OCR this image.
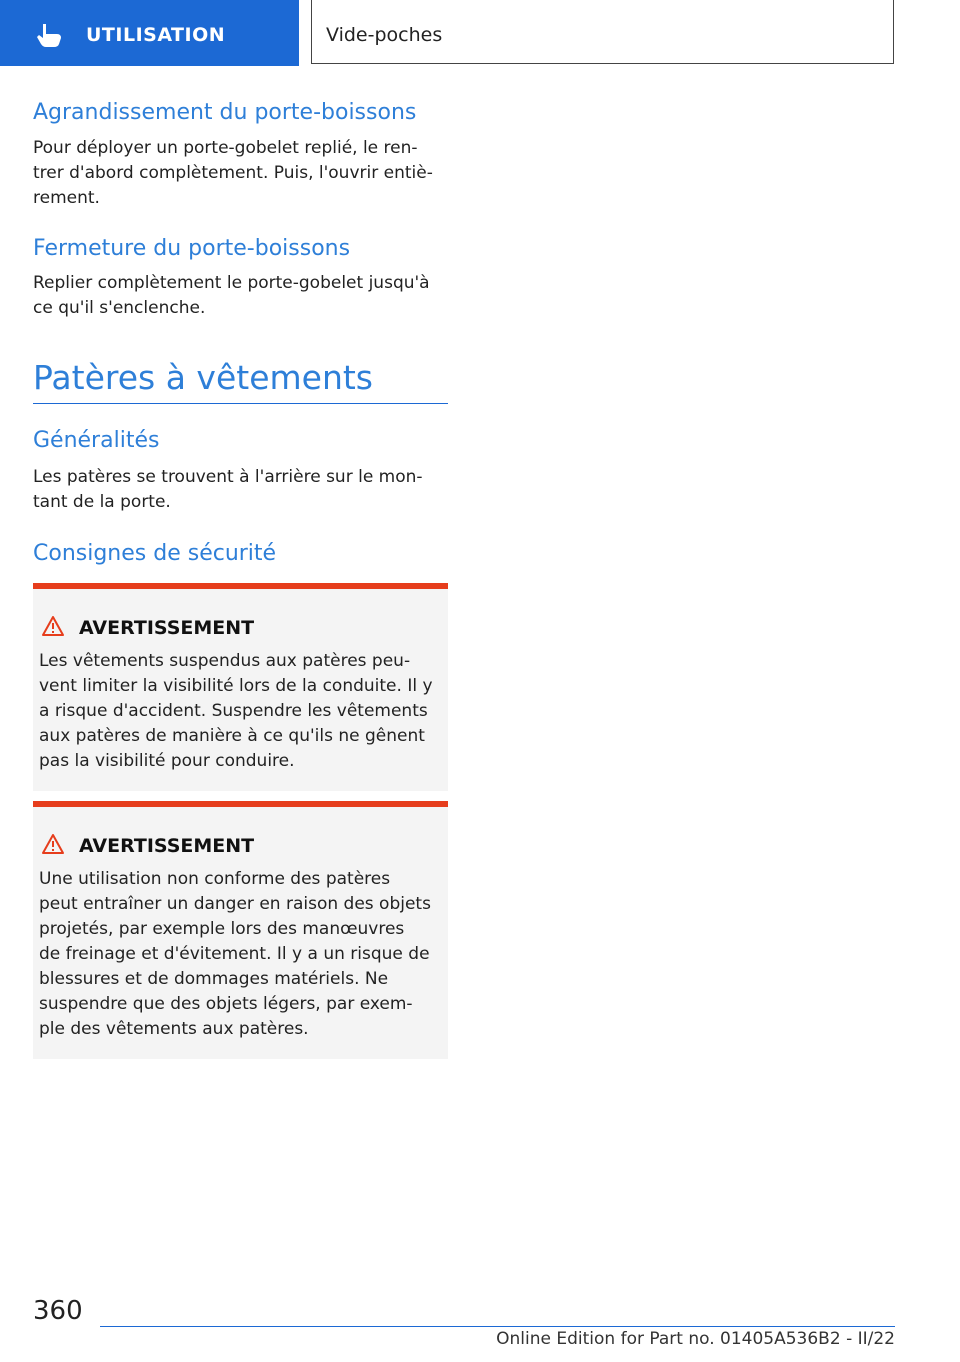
UTILISATION	Vide-poches
Agrandissement du porte-boissons
Pour déployer un porte-gobelet replié, le ren‐
trer d'abord complètement. Puis, l'ouvrir entiè‐
rement.
Fermeture du porte-boissons
Replier complètement le porte-gobelet jusqu'à
ce qu'il s'enclenche.
Patères à vêtements
Généralités
Les patères se trouvent à l'arrière sur le mon‐
tant de la porte.
Consignes de sécurité
AVERTISSEMENT
Les vêtements suspendus aux patères peu‐
vent limiter la visibilité lors de la conduite. Il y
a risque d'accident. Suspendre les vêtements
aux patères de manière à ce qu'ils ne gênent
pas la visibilité pour conduire.
AVERTISSEMENT
Une utilisation non conforme des patères
peut entraîner un danger en raison des objets
projetés, par exemple lors des manœuvres
de freinage et d'évitement. Il y a un risque de
blessures et de dommages matériels. Ne
suspendre que des objets légers, par exem‐
ple des vêtements aux patères.
360
Online Edition for Part no. 01405A536B2 - II/22
